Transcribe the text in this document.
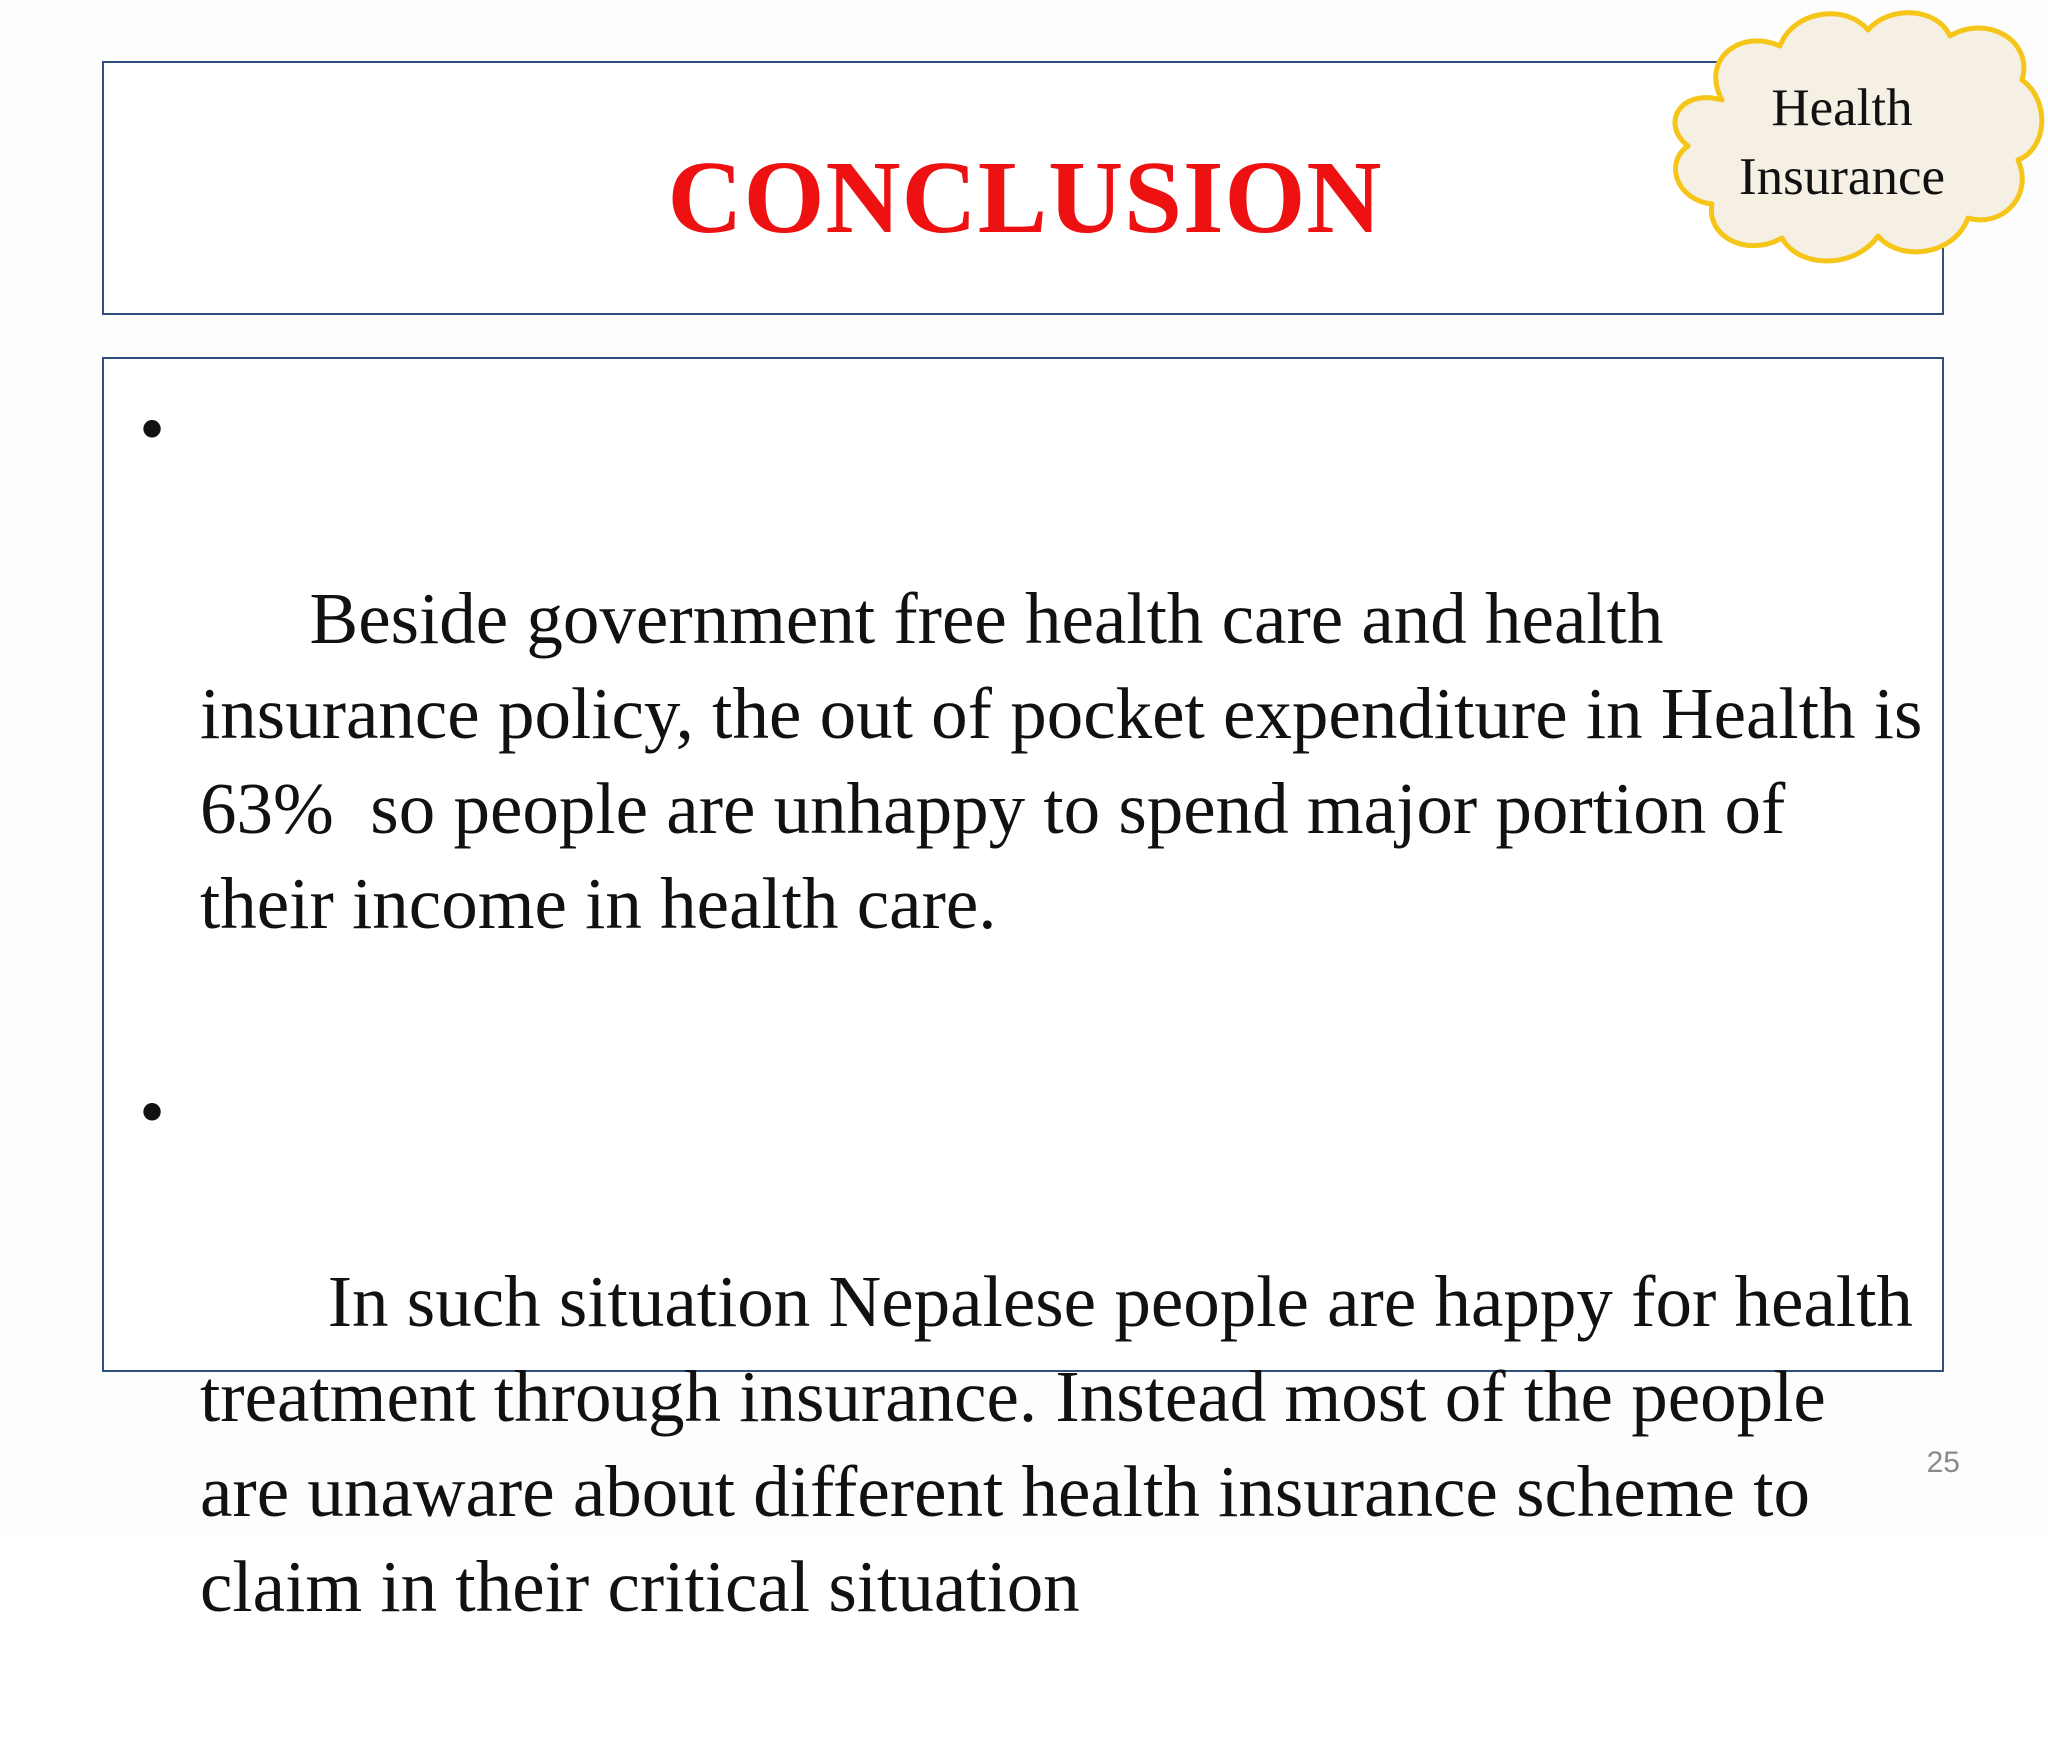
CONCLUSION
Health
Insurance

•

Beside government free health care and health insurance policy, the out of pocket expenditure in Health is 63%  so people are unhappy to spend major portion of their income in health care.

•

In such situation Nepalese people are happy for health treatment through insurance. Instead most of the people are unaware about different health insurance scheme to claim in their critical situation

25
